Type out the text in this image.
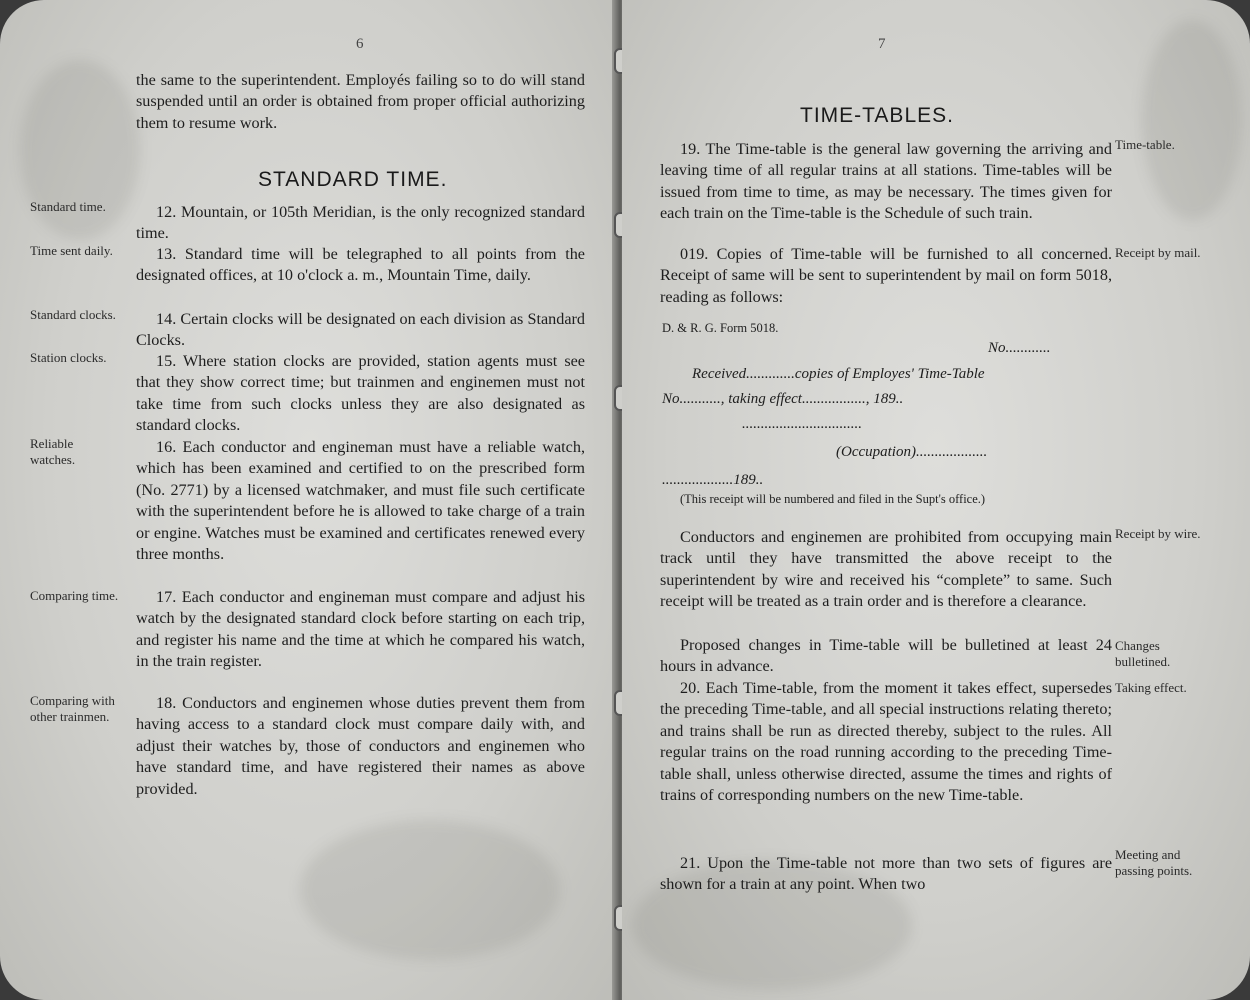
6

the same to the superintendent. Employés failing so to do will stand suspended until an order is obtained from proper official authorizing them to resume work.

STANDARD TIME.

Standard time.	12. Mountain, or 105th Meridian, is the only recognized standard time.

Time sent daily.	13. Standard time will be telegraphed to all points from the designated offices, at 10 o'clock a. m., Mountain Time, daily.

Standard clocks.	14. Certain clocks will be designated on each division as Standard Clocks.

Station clocks.	15. Where station clocks are provided, station agents must see that they show correct time; but trainmen and enginemen must not take time from such clocks unless they are also designated as standard clocks.

Reliable watches.

16. Each conductor and engineman must have a reliable watch, which has been examined and certified to on the prescribed form (No. 2771) by a licensed watchmaker, and must file such certificate with the superintendent before he is allowed to take charge of a train or engine. Watches must be examined and certificates renewed every three months.

Comparing time.	17. Each conductor and engineman must compare and adjust his watch by the designated standard clock before starting on each trip, and register his name and the time at which he compared his watch, in the train register.

Comparing with other trainmen.

18. Conductors and enginemen whose duties prevent them from having access to a standard clock must compare daily with, and adjust their watches by, those of conductors and enginemen who have standard time, and have registered their names as above provided.

7
TIME-TABLES.

19. The Time-table is the general law governing the arriving and leaving time of all regular trains at all stations. Time-tables will be issued from time to time, as may be necessary. The times given for each train on the Time-table is the Schedule of such train.

Time-table.

019. Copies of Time-table will be furnished to all concerned. Receipt of same will be sent to superintendent by mail on form 5018, reading as follows:

Receipt by mail.

D. & R. G. Form 5018.

No............

Received.............copies of Employes' Time-Table

No..........., taking effect................., 189..

................................

(Occupation)...................

...................189..

(This receipt will be numbered and filed in the Supt's office.)

Conductors and enginemen are prohibited from occupying main track until they have transmitted the above receipt to the superintendent by wire and received his “complete” to same. Such receipt will be treated as a train order and is therefore a clearance.

Receipt by wire.

Proposed changes in Time-table will be bulletined at least 24 hours in advance.

Changes bulletined.

20. Each Time-table, from the moment it takes effect, supersedes the preceding Time-table, and all special instructions relating thereto; and trains shall be run as directed thereby, subject to the rules. All regular trains on the road running according to the preceding Time-table shall, unless otherwise directed, assume the times and rights of trains of corresponding numbers on the new Time-table.

Taking effect.

21. Upon the Time-table not more than two sets of figures are shown for a train at any point. When two

Meeting and passing points.
